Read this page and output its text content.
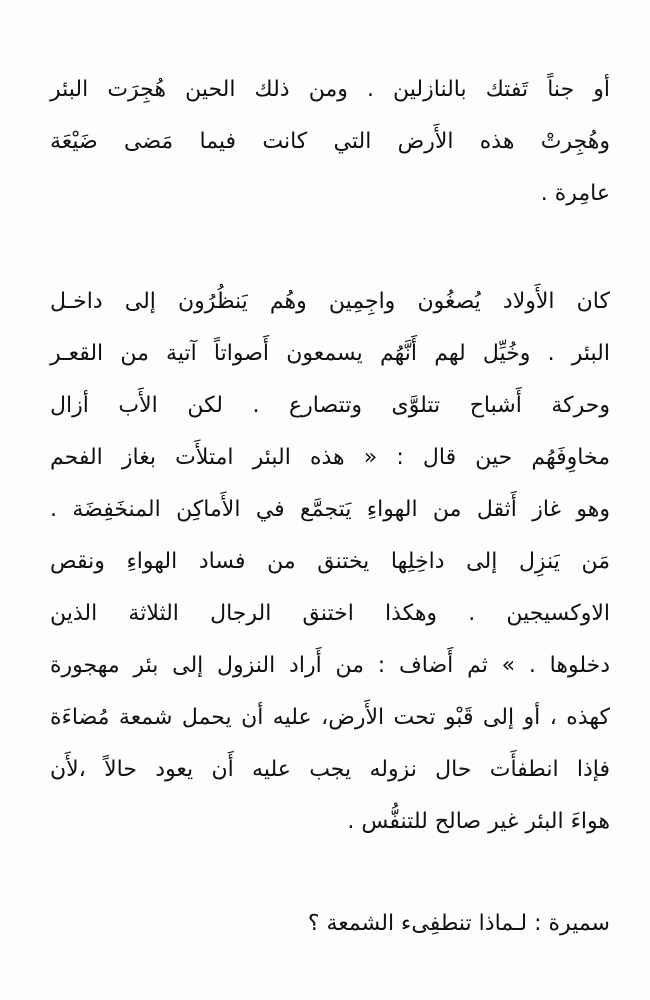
أو جناً تَفتك بالنازلين . ومن ذلك الحين هُجِرَت البئر
وهُجِرتْ هذه الأَرض التي كانت فيما مَضى ضَيْعَة
عامِرة .
كان الأَولاد يُصغُون واجِمِين وهُم يَنظُرُون إلى داخـل
البئر . وخُيِّل لهم أَنَّهُم يسمعون أَصواتاً آتية من القعـر
وحركة أَشباح تتلوَّى وتتصارع . لكن الأَب أزال
مخاوِفَهُم حين قال : « هذه البئر امتلأَت بغاز الفحم
وهو غاز أَثقل من الهواءِ يَتجمَّع في الأَماكِن المنخَفِضَة .
مَن يَنزِل إلى داخِلِها يختنق من فساد الهواءِ ونقص
الاوكسيجين . وهكذا اختنق الرجال الثلاثة الذين
دخلوها . » ثم أَضاف : من أَراد النزول إلى بئر مهجورة
كهذه ، أو إلى قَبْو تحت الأَرض، عليه أن يحمل شمعة مُضاءَة
فإذا انطفأَت حال نزوله يجب عليه أَن يعود حالاً ،لأَن
هواءَ البئر غير صالح للتنفُّس .
سميرة : لـماذا تنطفِىء الشمعة ؟
